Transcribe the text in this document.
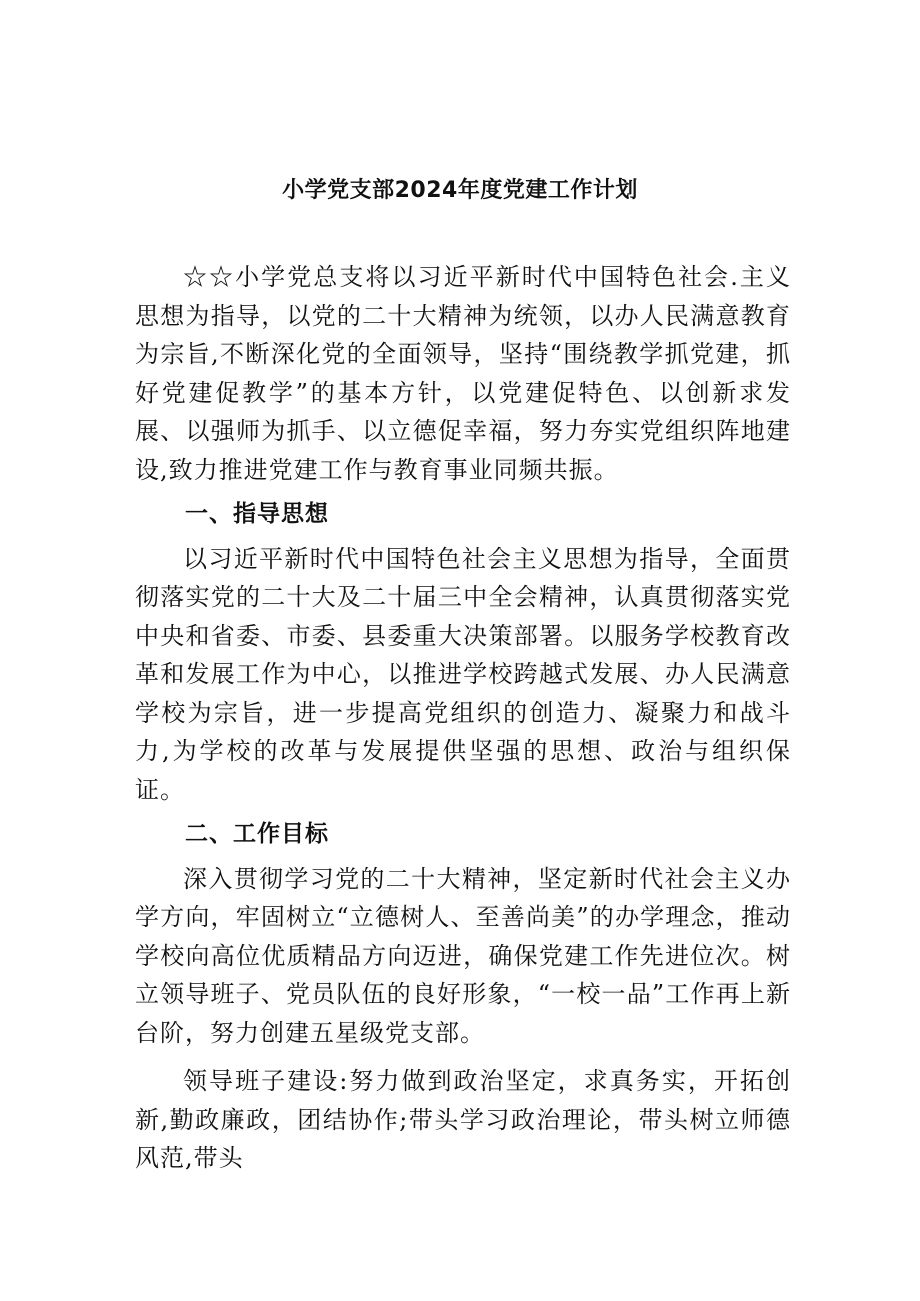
小学党支部2024年度党建工作计划

☆☆小学党总支将以习近平新时代中国特色社会.主义思想为指导，以党的二十大精神为统领，以办人民满意教育为宗旨,不断深化党的全面领导，坚持“围绕教学抓党建，抓好党建促教学”的基本方针，以党建促特色、以创新求发展、以强师为抓手、以立德促幸福，努力夯实党组织阵地建设,致力推进党建工作与教育事业同频共振。

一、指导思想

以习近平新时代中国特色社会主义思想为指导，全面贯彻落实党的二十大及二十届三中全会精神，认真贯彻落实党中央和省委、市委、县委重大决策部署。以服务学校教育改革和发展工作为中心，以推进学校跨越式发展、办人民满意学校为宗旨，进一步提高党组织的创造力、凝聚力和战斗力,为学校的改革与发展提供坚强的思想、政治与组织保证。

二、工作目标

深入贯彻学习党的二十大精神，坚定新时代社会主义办学方向，牢固树立“立德树人、至善尚美”的办学理念，推动学校向高位优质精品方向迈进，确保党建工作先进位次。树立领导班子、党员队伍的良好形象，“一校一品”工作再上新台阶，努力创建五星级党支部。

领导班子建设:努力做到政治坚定，求真务实，开拓创新,勤政廉政，团结协作;带头学习政治理论，带头树立师德风范,带头
